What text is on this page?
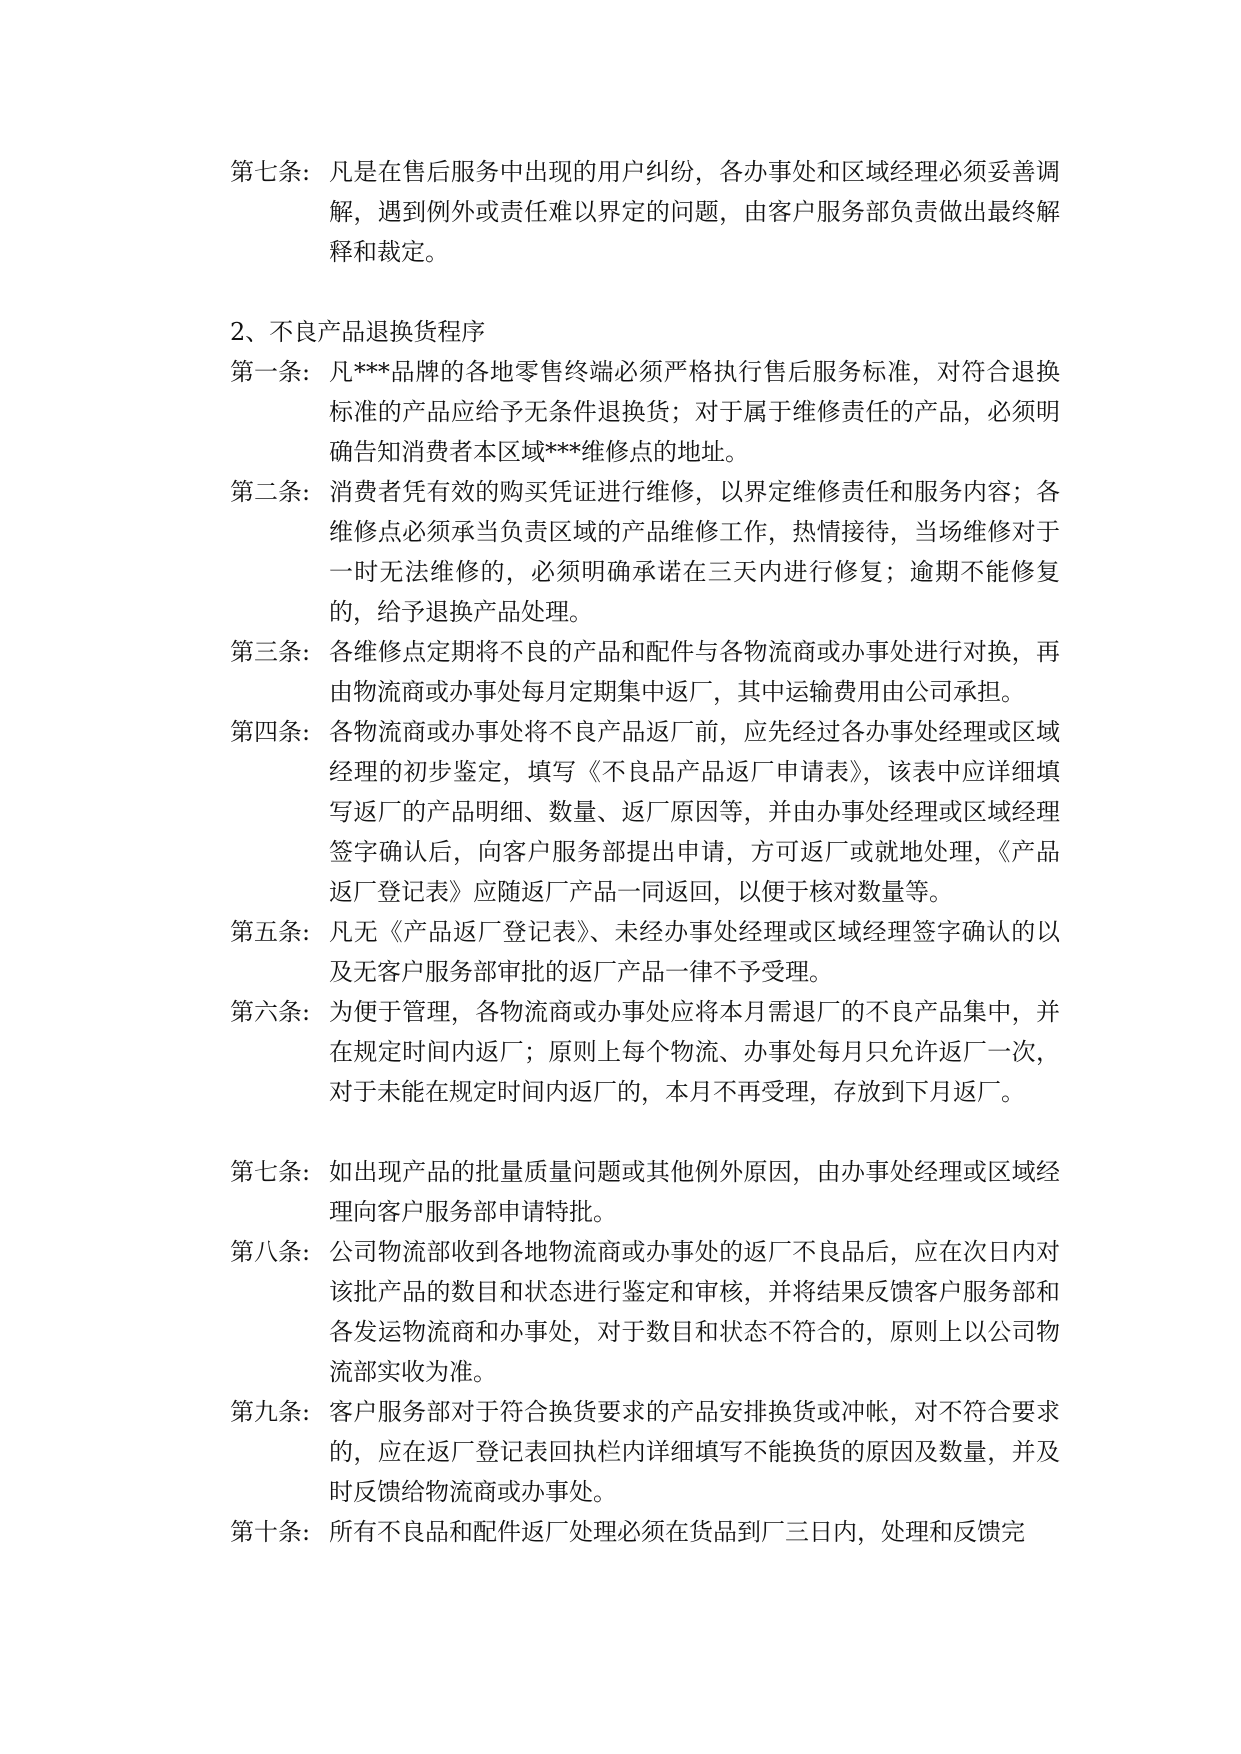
第七条: 凡是在售后服务中出现的用户纠纷，各办事处和区域经理必须妥善调解，遇到例外或责任难以界定的问题，由客户服务部负责做出最终解释和裁定。
2、不良产品退换货程序
第一条: 凡***品牌的各地零售终端必须严格执行售后服务标准，对符合退换标准的产品应给予无条件退换货；对于属于维修责任的产品，必须明确告知消费者本区域***维修点的地址。
第二条: 消费者凭有效的购买凭证进行维修，以界定维修责任和服务内容；各维修点必须承当负责区域的产品维修工作，热情接待，当场维修对于一时无法维修的，必须明确承诺在三天内进行修复；逾期不能修复的，给予退换产品处理。
第三条: 各维修点定期将不良的产品和配件与各物流商或办事处进行对换，再由物流商或办事处每月定期集中返厂，其中运输费用由公司承担。
第四条: 各物流商或办事处将不良产品返厂前，应先经过各办事处经理或区域经理的初步鉴定，填写《不良品产品返厂申请表》，该表中应详细填写返厂的产品明细、数量、返厂原因等，并由办事处经理或区域经理签字确认后，向客户服务部提出申请，方可返厂或就地处理，《产品返厂登记表》应随返厂产品一同返回，以便于核对数量等。
第五条: 凡无《产品返厂登记表》、未经办事处经理或区域经理签字确认的以及无客户服务部审批的返厂产品一律不予受理。
第六条: 为便于管理，各物流商或办事处应将本月需退厂的不良产品集中，并在规定时间内返厂；原则上每个物流、办事处每月只允许返厂一次，对于未能在规定时间内返厂的，本月不再受理，存放到下月返厂。
第七条: 如出现产品的批量质量问题或其他例外原因，由办事处经理或区域经理向客户服务部申请特批。
第八条: 公司物流部收到各地物流商或办事处的返厂不良品后，应在次日内对该批产品的数目和状态进行鉴定和审核，并将结果反馈客户服务部和各发运物流商和办事处，对于数目和状态不符合的，原则上以公司物流部实收为准。
第九条: 客户服务部对于符合换货要求的产品安排换货或冲帐，对不符合要求的，应在返厂登记表回执栏内详细填写不能换货的原因及数量，并及时反馈给物流商或办事处。
第十条: 所有不良品和配件返厂处理必须在货品到厂三日内，处理和反馈完
